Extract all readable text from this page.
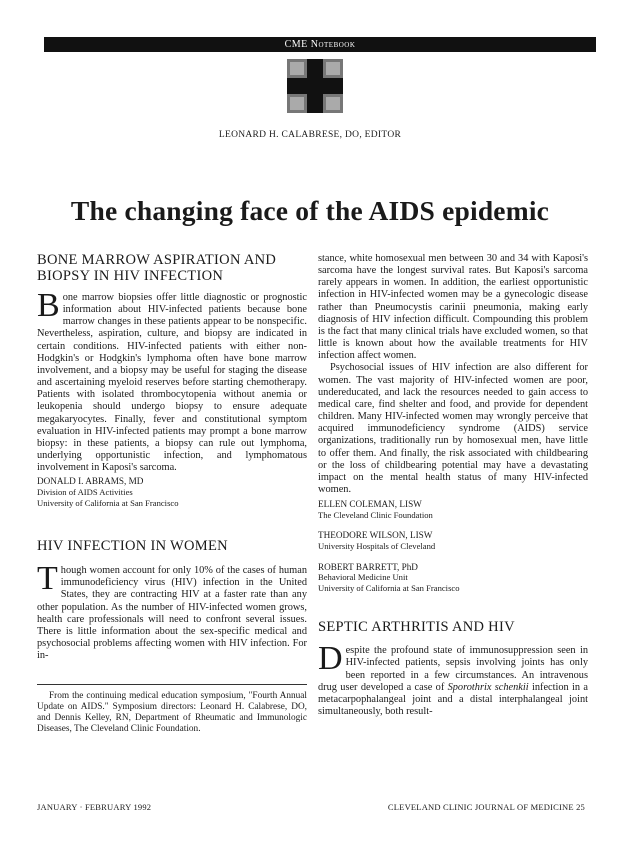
CME Notebook
LEONARD H. CALABRESE, DO, EDITOR
The changing face of the AIDS epidemic
BONE MARROW ASPIRATION AND
BIOPSY IN HIV INFECTION

Bone marrow biopsies offer little diagnostic or prognostic information about HIV-infected patients because bone marrow changes in these patients appear to be nonspecific. Nevertheless, aspiration, culture, and biopsy are indicated in certain conditions. HIV-infected patients with either non-Hodgkin's or Hodgkin's lymphoma often have bone marrow involvement, and a biopsy may be useful for staging the disease and ascertaining myeloid reserves before starting chemotherapy. Patients with isolated thrombocytopenia without anemia or leukopenia should undergo biopsy to ensure adequate megakaryocytes. Finally, fever and constitutional symptom evaluation in HIV-infected patients may prompt a bone marrow biopsy: in these patients, a biopsy can rule out lymphoma, underlying opportunistic infection, and lymphomatous involvement in Kaposi's sarcoma.

DONALD I. ABRAMS, MD
Division of AIDS Activities
University of California at San Francisco
HIV INFECTION IN WOMEN

Though women account for only 10% of the cases of human immunodeficiency virus (HIV) infection in the United States, they are contracting HIV at a faster rate than any other population. As the number of HIV-infected women grows, health care professionals will need to confront several issues. There is little information about the sex-specific medical and psychosocial problems affecting women with HIV infection. For in-

From the continuing medical education symposium, "Fourth Annual Update on AIDS." Symposium directors: Leonard H. Calabrese, DO, and Dennis Kelley, RN, Department of Rheumatic and Immunologic Diseases, The Cleveland Clinic Foundation.

stance, white homosexual men between 30 and 34 with Kaposi's sarcoma have the longest survival rates. But Kaposi's sarcoma rarely appears in women. In addition, the earliest opportunistic infection in HIV-infected women may be a gynecologic disease rather than Pneumocystis carinii pneumonia, making early diagnosis of HIV infection difficult. Compounding this problem is the fact that many clinical trials have excluded women, so that little is known about how the available treatments for HIV infection affect women.

Psychosocial issues of HIV infection are also different for women. The vast majority of HIV-infected women are poor, undereducated, and lack the resources needed to gain access to medical care, find shelter and food, and provide for dependent children. Many HIV-infected women may wrongly perceive that acquired immunodeficiency syndrome (AIDS) service organizations, traditionally run by homosexual men, have little to offer them. And finally, the risk associated with childbearing or the loss of childbearing potential may have a devastating impact on the mental health status of many HIV-infected women.

ELLEN COLEMAN, LISW
The Cleveland Clinic Foundation
THEODORE WILSON, LISW
University Hospitals of Cleveland
ROBERT BARRETT, PhD
Behavioral Medicine Unit
University of California at San Francisco
SEPTIC ARTHRITIS AND HIV

Despite the profound state of immunosuppression seen in HIV-infected patients, sepsis involving joints has only been reported in a few circumstances. An intravenous drug user developed a case of Sporothrix schenkii infection in a metacarpophalangeal joint and a distal interphalangeal joint simultaneously, both result-

JANUARY · FEBRUARY 1992	CLEVELAND CLINIC JOURNAL OF MEDICINE 25
